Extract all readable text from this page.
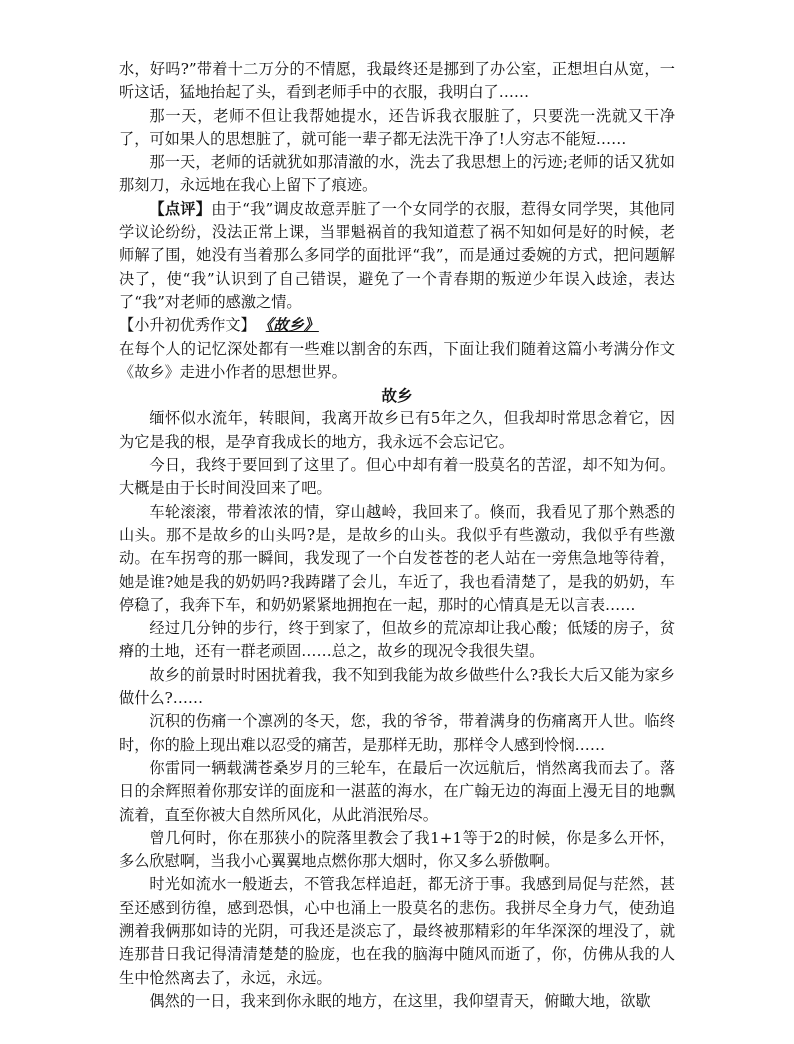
水，好吗?”带着十二万分的不情愿，我最终还是挪到了办公室，正想坦白从宽，一听这话，猛地抬起了头，看到老师手中的衣服，我明白了……

那一天，老师不但让我帮她提水，还告诉我衣服脏了，只要洗一洗就又干净了，可如果人的思想脏了，就可能一辈子都无法洗干净了!人穷志不能短……

那一天，老师的话就犹如那清澈的水，洗去了我思想上的污迹;老师的话又犹如那刻刀，永远地在我心上留下了痕迹。

【点评】由于“我”调皮故意弄脏了一个女同学的衣服，惹得女同学哭，其他同学议论纷纷，没法正常上课，当罪魁祸首的我知道惹了祸不知如何是好的时候，老师解了围，她没有当着那么多同学的面批评“我”，而是通过委婉的方式，把问题解决了，使“我”认识到了自己错误，避免了一个青春期的叛逆少年误入歧途，表达了“我”对老师的感激之情。

【小升初优秀作文】 《故乡》

在每个人的记忆深处都有一些难以割舍的东西，下面让我们随着这篇小考满分作文《故乡》走进小作者的思想世界。

故乡

缅怀似水流年，转眼间，我离开故乡已有5年之久，但我却时常思念着它，因为它是我的根，是孕育我成长的地方，我永远不会忘记它。

今日，我终于要回到了这里了。但心中却有着一股莫名的苦涩，却不知为何。大概是由于长时间没回来了吧。

车轮滚滚，带着浓浓的情，穿山越岭，我回来了。倏而，我看见了那个熟悉的山头。那不是故乡的山头吗?是，是故乡的山头。我似乎有些激动，我似乎有些激动。在车拐弯的那一瞬间，我发现了一个白发苍苍的老人站在一旁焦急地等待着，她是谁?她是我的奶奶吗?我踌躇了会儿，车近了，我也看清楚了，是我的奶奶，车停稳了，我奔下车，和奶奶紧紧地拥抱在一起，那时的心情真是无以言表……

经过几分钟的步行，终于到家了，但故乡的荒凉却让我心酸；低矮的房子，贫瘠的土地，还有一群老顽固……总之，故乡的现况令我很失望。

故乡的前景时时困扰着我，我不知到我能为故乡做些什么?我长大后又能为家乡做什么?……

沉积的伤痛一个凛冽的冬天，您，我的爷爷，带着满身的伤痛离开人世。临终时，你的脸上现出难以忍受的痛苦，是那样无助，那样令人感到怜悯……

你雷同一辆载满苍桑岁月的三轮车，在最后一次远航后，悄然离我而去了。落日的余辉照着你那安详的面庞和一湛蓝的海水，在广翰无边的海面上漫无目的地飘流着，直至你被大自然所风化，从此消泯殆尽。

曾几何时，你在那狭小的院落里教会了我1+1等于2的时候，你是多么开怀，多么欣慰啊，当我小心翼翼地点燃你那大烟时，你又多么骄傲啊。

时光如流水一般逝去，不管我怎样追赶，都无济于事。我感到局促与茫然，甚至还感到彷徨，感到恐惧，心中也涌上一股莫名的悲伤。我拼尽全身力气，使劲追溯着我俩那如诗的光阴，可我还是淡忘了，最终被那精彩的年华深深的埋没了，就连那昔日我记得清清楚楚的脸庞，也在我的脑海中随风而逝了，你，仿佛从我的人生中怆然离去了，永远，永远。

偶然的一日，我来到你永眠的地方，在这里，我仰望青天，俯瞰大地，欲歇
